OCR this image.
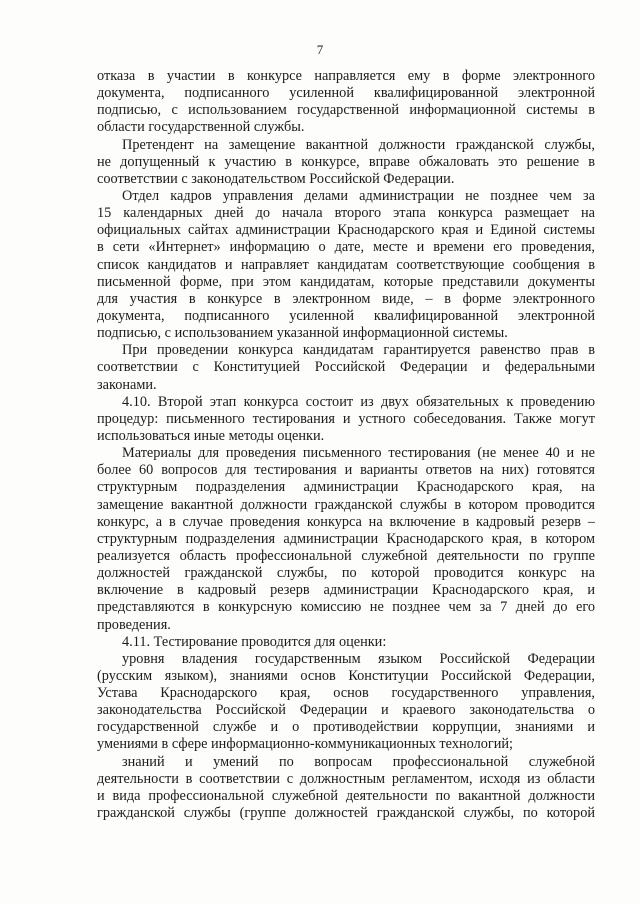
7
отказа в участии в конкурсе направляется ему в форме электронного
документа, подписанного усиленной квалифицированной электронной
подписью, с использованием государственной информационной системы в
области государственной службы.
Претендент на замещение вакантной должности гражданской службы,
не допущенный к участию в конкурсе, вправе обжаловать это решение в
соответствии с законодательством Российской Федерации.
Отдел кадров управления делами администрации не позднее чем за
15 календарных дней до начала второго этапа конкурса размещает на
официальных сайтах администрации Краснодарского края и Единой системы
в сети «Интернет» информацию о дате, месте и времени его проведения,
список кандидатов и направляет кандидатам соответствующие сообщения в
письменной форме, при этом кандидатам, которые представили документы
для участия в конкурсе в электронном виде, – в форме электронного
документа, подписанного усиленной квалифицированной электронной
подписью, с использованием указанной информационной системы.
При проведении конкурса кандидатам гарантируется равенство прав в
соответствии с Конституцией Российской Федерации и федеральными
законами.
4.10. Второй этап конкурса состоит из двух обязательных к проведению
процедур: письменного тестирования и устного собеседования. Также могут
использоваться иные методы оценки.
Материалы для проведения письменного тестирования (не менее 40 и не
более 60 вопросов для тестирования и варианты ответов на них) готовятся
структурным подразделения администрации Краснодарского края, на
замещение вакантной должности гражданской службы в котором проводится
конкурс, а в случае проведения конкурса на включение в кадровый резерв –
структурным подразделения администрации Краснодарского края, в котором
реализуется область профессиональной служебной деятельности по группе
должностей гражданской службы, по которой проводится конкурс на
включение в кадровый резерв администрации Краснодарского края, и
представляются в конкурсную комиссию не позднее чем за 7 дней до его
проведения.
4.11. Тестирование проводится для оценки:
уровня владения государственным языком Российской Федерации
(русским языком), знаниями основ Конституции Российской Федерации,
Устава Краснодарского края, основ государственного управления,
законодательства Российской Федерации и краевого законодательства о
государственной службе и о противодействии коррупции, знаниями и
умениями в сфере информационно-коммуникационных технологий;
знаний и умений по вопросам профессиональной служебной
деятельности в соответствии с должностным регламентом, исходя из области
и вида профессиональной служебной деятельности по вакантной должности
гражданской службы (группе должностей гражданской службы, по которой
